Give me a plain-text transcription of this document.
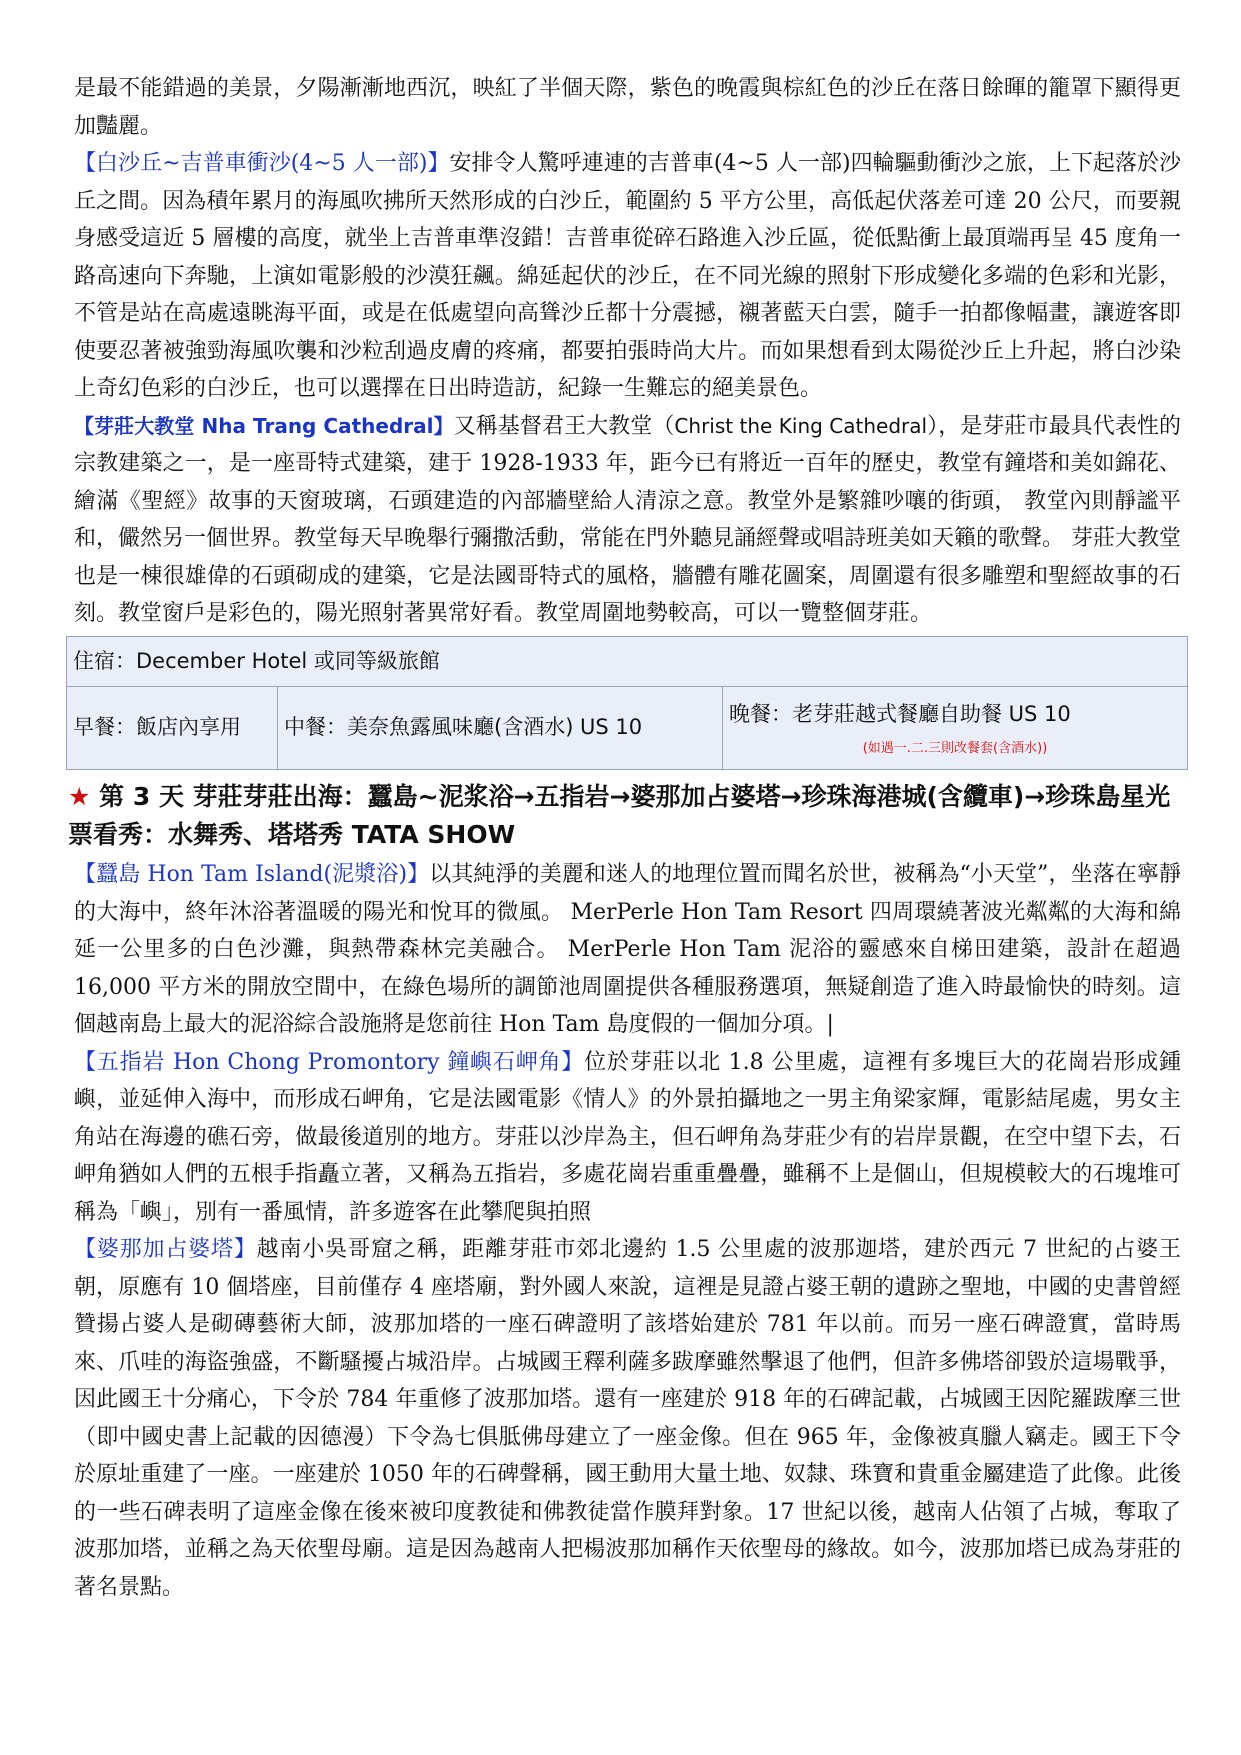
是最不能錯過的美景，夕陽漸漸地西沉，映紅了半個天際，紫色的晚霞與棕紅色的沙丘在落日餘暉的籠罩下顯得更加豔麗。

【白沙丘~吉普車衝沙(4~5 人一部)】安排令人驚呼連連的吉普車(4~5 人一部)四輪驅動衝沙之旅，上下起落於沙丘之間。因為積年累月的海風吹拂所天然形成的白沙丘，範圍約 5 平方公里，高低起伏落差可達 20 公尺，而要親身感受這近 5 層樓的高度，就坐上吉普車準沒錯！吉普車從碎石路進入沙丘區，從低點衝上最頂端再呈 45 度角一路高速向下奔馳，上演如電影般的沙漠狂飆。綿延起伏的沙丘，在不同光線的照射下形成變化多端的色彩和光影，不管是站在高處遠眺海平面，或是在低處望向高聳沙丘都十分震撼，襯著藍天白雲，隨手一拍都像幅畫，讓遊客即使要忍著被強勁海風吹襲和沙粒刮過皮膚的疼痛，都要拍張時尚大片。而如果想看到太陽從沙丘上升起，將白沙染上奇幻色彩的白沙丘，也可以選擇在日出時造訪，紀錄一生難忘的絕美景色。

【芽莊大教堂 Nha Trang Cathedral】又稱基督君王大教堂（Christ the King Cathedral），是芽莊市最具代表性的宗教建築之一，是一座哥特式建築，建于 1928-1933 年，距今已有將近一百年的歷史，教堂有鐘塔和美如錦花、繪滿《聖經》故事的天窗玻璃，石頭建造的內部牆壁給人清涼之意。教堂外是繁雜吵嚷的街頭， 教堂內則靜謐平和，儼然另一個世界。教堂每天早晚舉行彌撒活動，常能在門外聽見誦經聲或唱詩班美如天籟的歌聲。 芽莊大教堂也是一棟很雄偉的石頭砌成的建築，它是法國哥特式的風格，牆體有雕花圖案，周圍還有很多雕塑和聖經故事的石刻。教堂窗戶是彩色的，陽光照射著異常好看。教堂周圍地勢較高，可以一覽整個芽莊。

住宿：December Hotel 或同等級旅館
早餐：飯店內享用	中餐：美奈魚露風味廳(含酒水) US 10	晚餐：老芽莊越式餐廳自助餐 US 10
(如遇一.二.三則改餐套(含酒水))
★ 第 3 天 芽莊芽莊出海：蠶島~泥浆浴→五指岩→婆那加占婆塔→珍珠海港城(含纜車)→珍珠島星光票看秀：水舞秀、塔塔秀 TATA SHOW

【蠶島 Hon Tam Island(泥漿浴)】以其純淨的美麗和迷人的地理位置而聞名於世，被稱為“小天堂”，坐落在寧靜的大海中，終年沐浴著溫暖的陽光和悅耳的微風。 MerPerle Hon Tam Resort 四周環繞著波光粼粼的大海和綿延一公里多的白色沙灘，與熱帶森林完美融合。 MerPerle Hon Tam 泥浴的靈感來自梯田建築，設計在超過 16,000 平方米的開放空間中，在綠色場所的調節池周圍提供各種服務選項，無疑創造了進入時最愉快的時刻。這個越南島上最大的泥浴綜合設施將是您前往 Hon Tam 島度假的一個加分項。|

【五指岩 Hon Chong Promontory 鐘嶼石岬角】位於芽莊以北 1.8 公里處，這裡有多塊巨大的花崗岩形成鍾嶼，並延伸入海中，而形成石岬角，它是法國電影《情人》的外景拍攝地之一男主角梁家輝，電影結尾處，男女主角站在海邊的礁石旁，做最後道別的地方。芽莊以沙岸為主，但石岬角為芽莊少有的岩岸景觀，在空中望下去，石岬角猶如人們的五根手指矗立著，又稱為五指岩，多處花崗岩重重疊疊，雖稱不上是個山，但規模較大的石塊堆可稱為「嶼」，別有一番風情，許多遊客在此攀爬與拍照

【婆那加占婆塔】越南小吳哥窟之稱，距離芽莊市郊北邊約 1.5 公里處的波那迦塔，建於西元 7 世紀的占婆王朝，原應有 10 個塔座，目前僅存 4 座塔廟，對外國人來說，這裡是見證占婆王朝的遺跡之聖地，中國的史書曾經贊揚占婆人是砌磚藝術大師，波那加塔的一座石碑證明了該塔始建於 781 年以前。而另一座石碑證實，當時馬來、爪哇的海盜強盛，不斷騷擾占城沿岸。占城國王釋利薩多跋摩雖然擊退了他們，但許多佛塔卻毀於這場戰爭，因此國王十分痛心，下令於 784 年重修了波那加塔。還有一座建於 918 年的石碑記載，占城國王因陀羅跋摩三世（即中國史書上記載的因德漫）下令為七俱胝佛母建立了一座金像。但在 965 年，金像被真臘人竊走。國王下令於原址重建了一座。一座建於 1050 年的石碑聲稱，國王動用大量土地、奴隸、珠寶和貴重金屬建造了此像。此後的一些石碑表明了這座金像在後來被印度教徒和佛教徒當作膜拜對象。17 世紀以後，越南人佔領了占城，奪取了波那加塔，並稱之為天依聖母廟。這是因為越南人把楊波那加稱作天依聖母的緣故。如今，波那加塔已成為芽莊的著名景點。
